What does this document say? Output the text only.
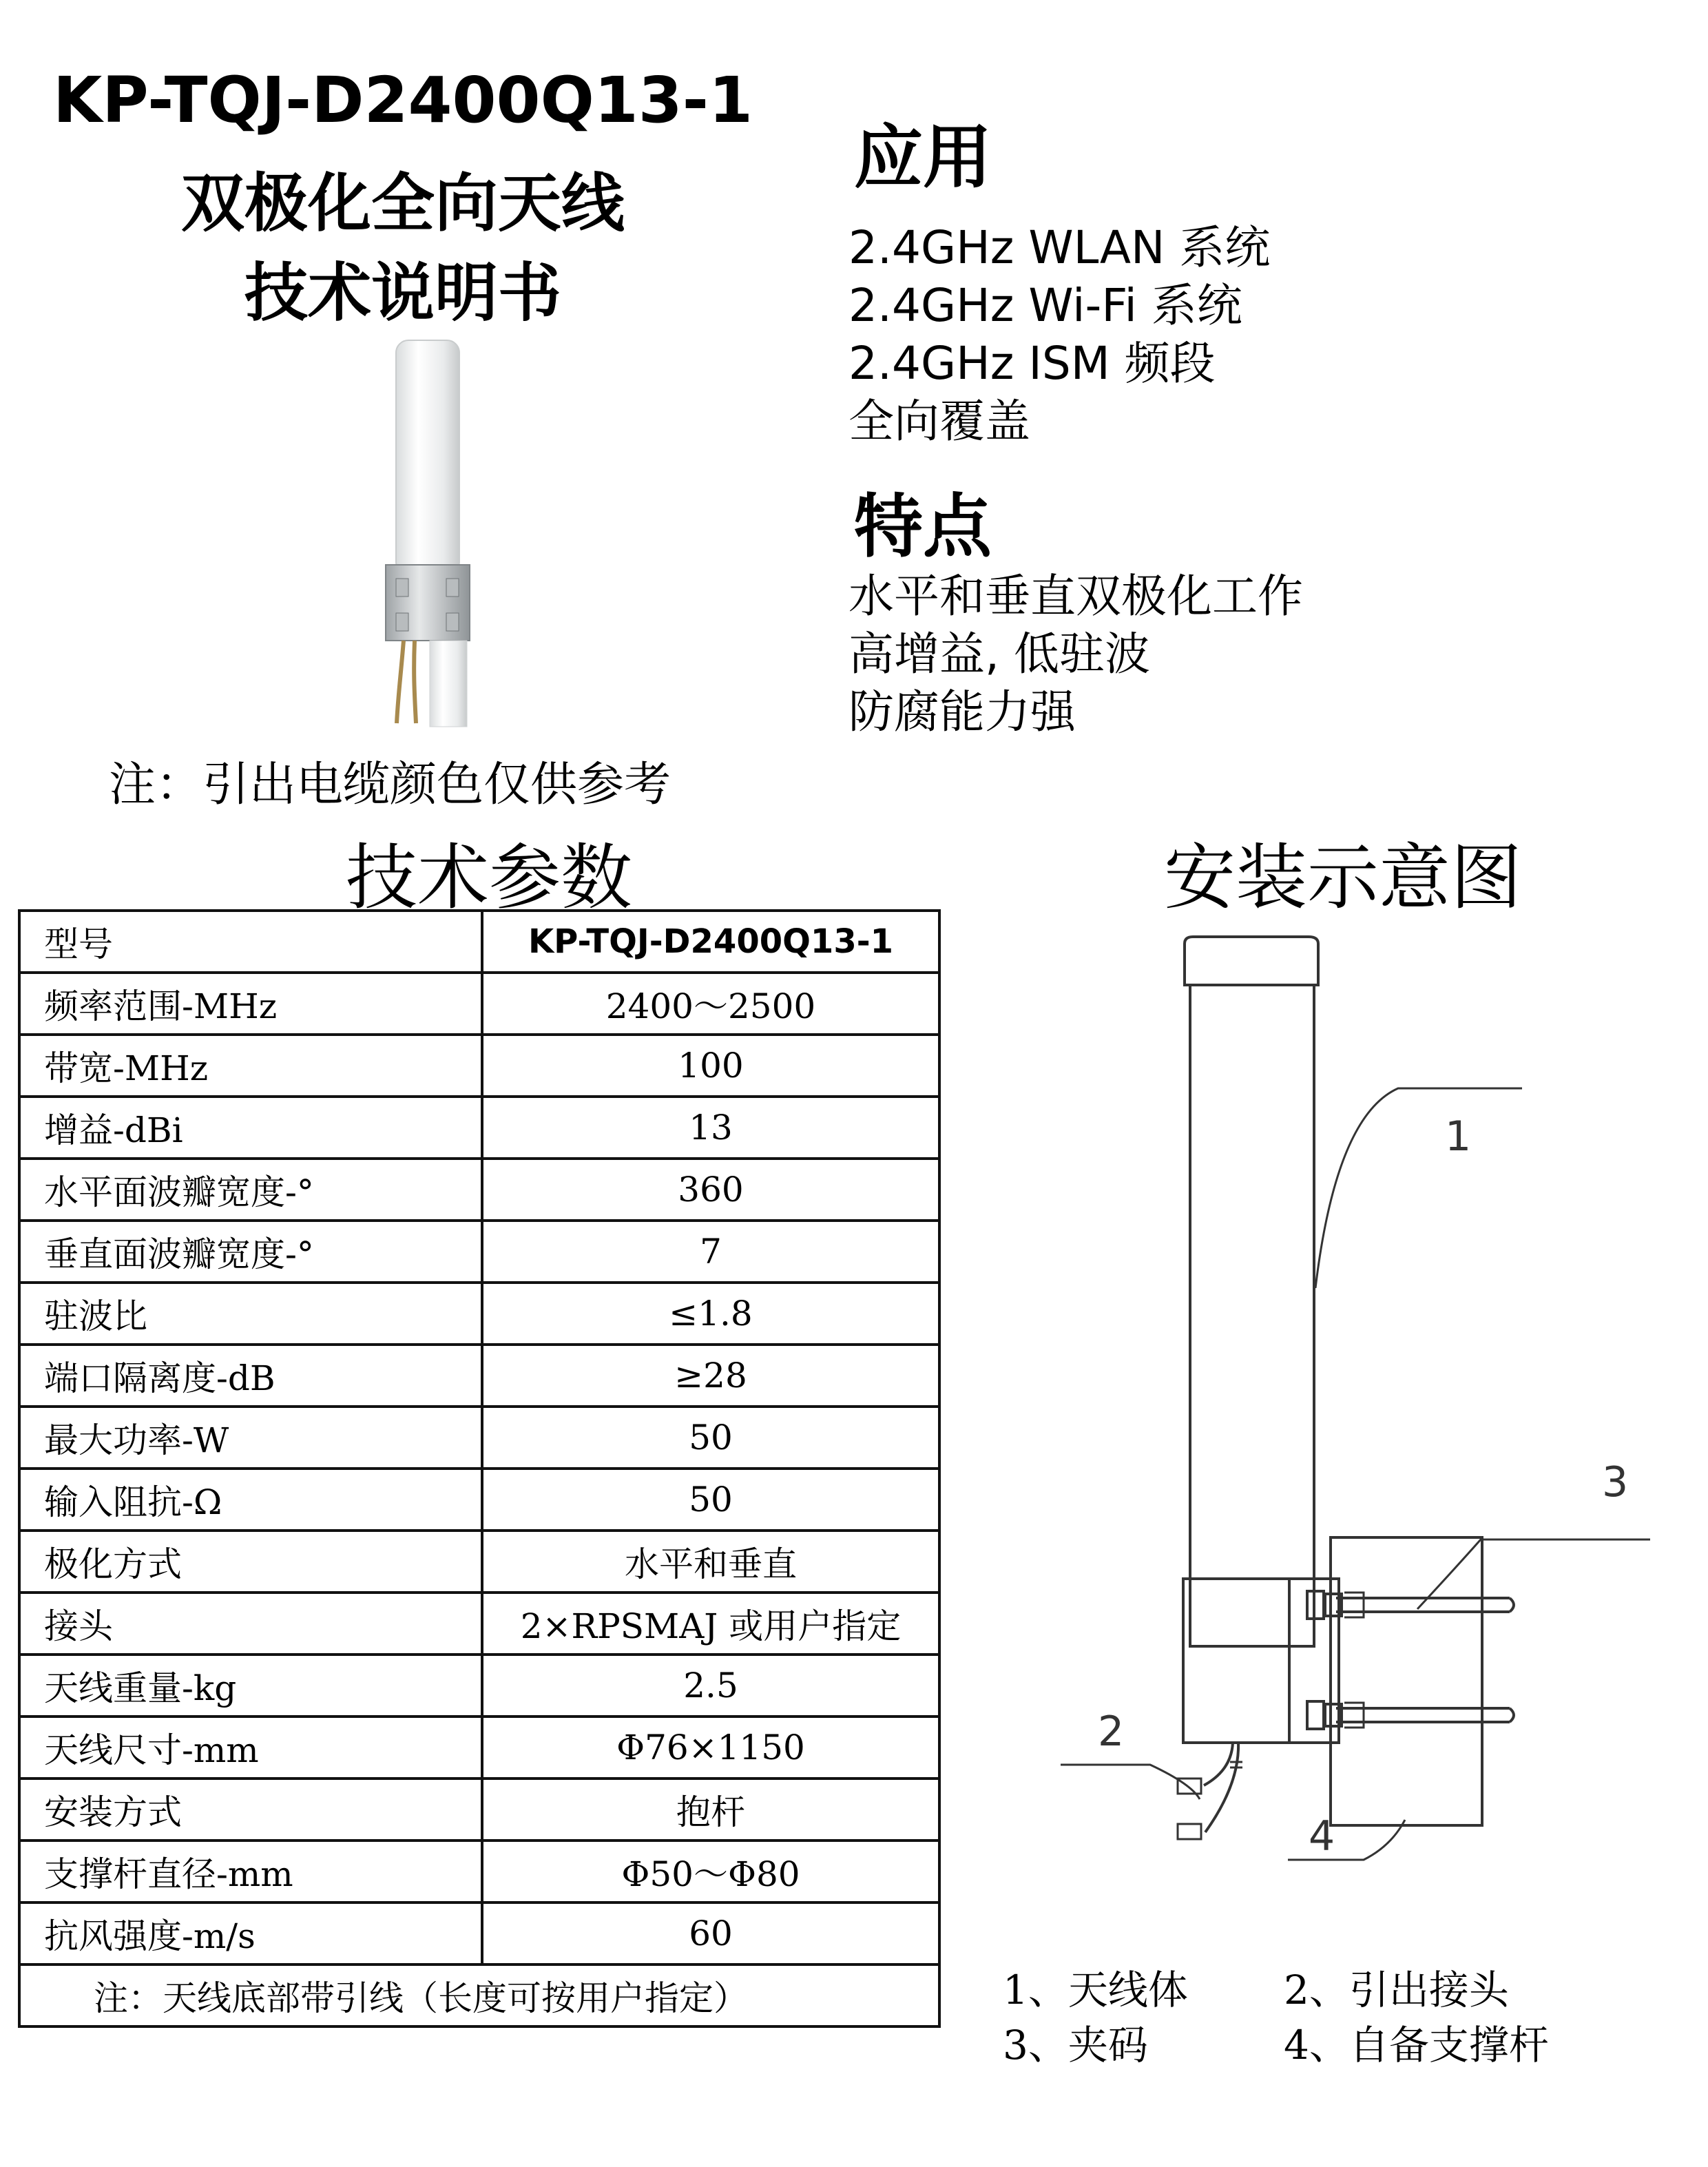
KP-TQJ-D2400Q13-1
双极化全向天线
技术说明书
应用
2.4GHz WLAN 系统
2.4GHz Wi-Fi 系统
2.4GHz ISM 频段
全向覆盖
特点
水平和垂直双极化工作
高增益, 低驻波
防腐能力强
注：引出电缆颜色仅供参考
技术参数	安装示意图
型号	KP-TQJ-D2400Q13-1
频率范围-MHz	2400～2500
带宽-MHz	100
增益-dBi	13
水平面波瓣宽度-°	360
垂直面波瓣宽度-°	7
驻波比	≤1.8
端口隔离度-dB	≥28
最大功率-W	50
输入阻抗-Ω	50
极化方式	水平和垂直
接头	2×RPSMAJ 或用户指定
天线重量-kg	2.5
天线尺寸-mm	Φ76×1150
安装方式	抱杆
支撑杆直径-mm	Φ50～Φ80
抗风强度-m/s	60
注：天线底部带引线（长度可按用户指定）	
1
2
3
4
1、天线体 2、引出接头
3、夹码	4、自备支撑杆
